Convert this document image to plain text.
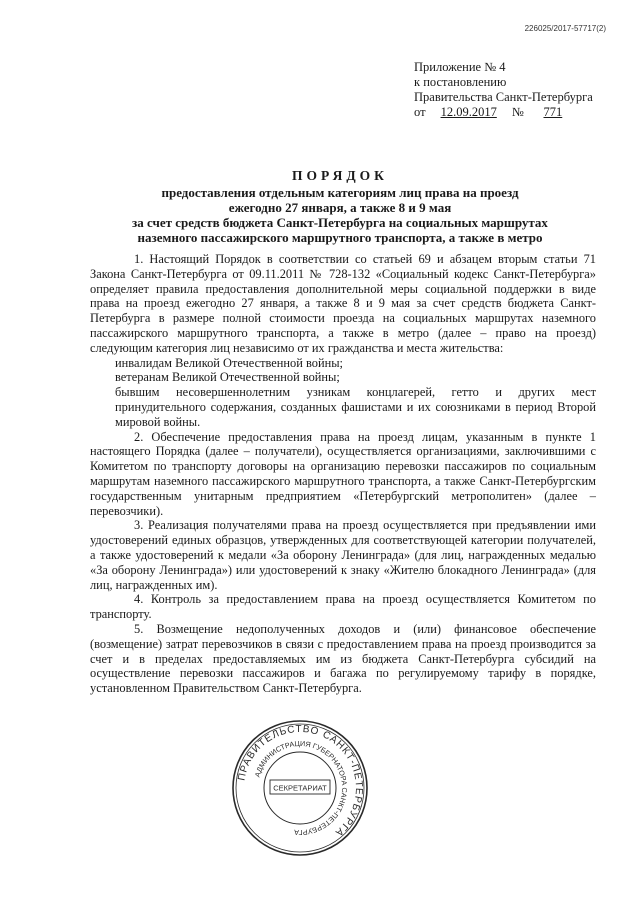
226025/2017-57717(2)
Приложение № 4
к постановлению
Правительства Санкт-Петербурга
от 12.09.2017 № 771
ПОРЯДОК
предоставления отдельным категориям лиц права на проезд
ежегодно 27 января, а также 8 и 9 мая
за счет средств бюджета Санкт-Петербурга на социальных маршрутах
наземного пассажирского маршрутного транспорта, а также в метро

1. Настоящий Порядок в соответствии со статьей 69 и абзацем вторым статьи 71 Закона Санкт-Петербурга от 09.11.2011 № 728-132 «Социальный кодекс Санкт-Петербурга» определяет правила предоставления дополнительной меры социальной поддержки в виде права на проезд ежегодно 27 января, а также 8 и 9 мая за счет средств бюджета Санкт-Петербурга в размере полной стоимости проезда на социальных маршрутах наземного пассажирского маршрутного транспорта, а также в метро (далее – право на проезд) следующим категория лиц независимо от их гражданства и места жительства:

инвалидам Великой Отечественной войны;

ветеранам Великой Отечественной войны;

бывшим несовершеннолетним узникам концлагерей, гетто и других мест принудительного содержания, созданных фашистами и их союзниками в период Второй мировой войны.

2. Обеспечение предоставления права на проезд лицам, указанным в пункте 1 настоящего Порядка (далее – получатели), осуществляется организациями, заключившими с Комитетом по транспорту договоры на организацию перевозки пассажиров по социальным маршрутам наземного пассажирского маршрутного транспорта, а также Санкт-Петербургским государственным унитарным предприятием «Петербургский метрополитен» (далее – перевозчики).

3. Реализация получателями права на проезд осуществляется при предъявлении ими удостоверений единых образцов, утвержденных для соответствующей категории получателей, а также удостоверений к медали «За оборону Ленинграда» (для лиц, награжденных медалью «За оборону Ленинграда») или удостоверений к знаку «Жителю блокадного Ленинграда» (для лиц, награжденных им).

4. Контроль за предоставлением права на проезд осуществляется Комитетом по транспорту.

5. Возмещение недополученных доходов и (или) финансовое обеспечение (возмещение) затрат перевозчиков в связи с предоставлением права на проезд производится за счет и в пределах предоставляемых им из бюджета Санкт-Петербурга субсидий на осуществление перевозки пассажиров и багажа по регулируемому тарифу в порядке, установленном Правительством Санкт-Петербурга.

ПРАВИТЕЛЬСТВО САНКТ-ПЕТЕРБУРГА
АДМИНИСТРАЦИЯ ГУБЕРНАТОРА САНКТ-ПЕТЕРБУРГА
СЕКРЕТАРИАТ
